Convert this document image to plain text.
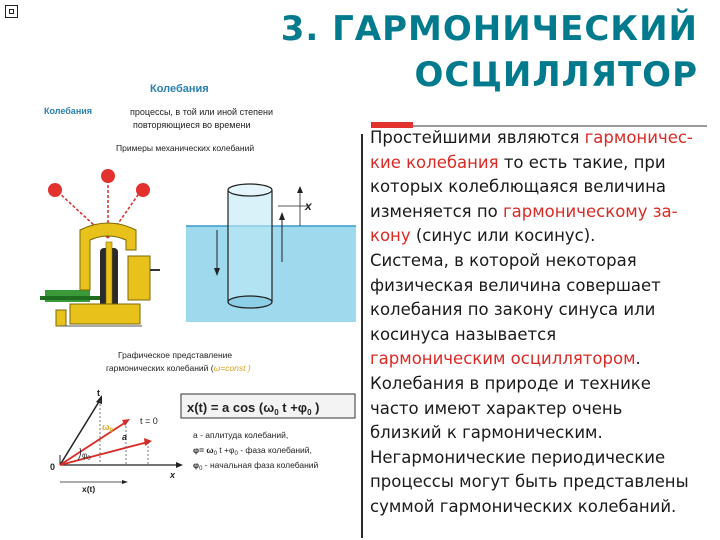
3. ГАРМОНИЧЕСКИЙ
ОСЦИЛЛЯТОР
Простейшими являются гармоничес-
кие колебания то есть такие, при
которых колеблющаяся величина
изменяется по гармоническому за-
кону (синус или косинус).
Система, в которой некоторая
физическая величина совершает
колебания по закону синуса или
косинуса называется
гармоническим осциллятором.
Колебания в природе и технике
часто имеют характер очень
близкий к гармоническим.
Негармонические периодические
процессы могут быть представлены
суммой гармонических колебаний.
Колебания
Колебания	процессы, в той или иной степени
повторяющиеся во времени
Примеры механических колебаний
x
Графическое представление
гармонических колебаний (ω=const )
t
t = 0
$\omega_0$
a
$\varphi_0$
0
x
x(t)
x(t) = a $\cos (\omega_0$ $t +\varphi_0$ )
a - аплитуда колебаний,
$\varphi= \omega_0$ $t +\varphi_0$ - фаза колебаний,
$\varphi_0$ - начальная фаза колебаний
